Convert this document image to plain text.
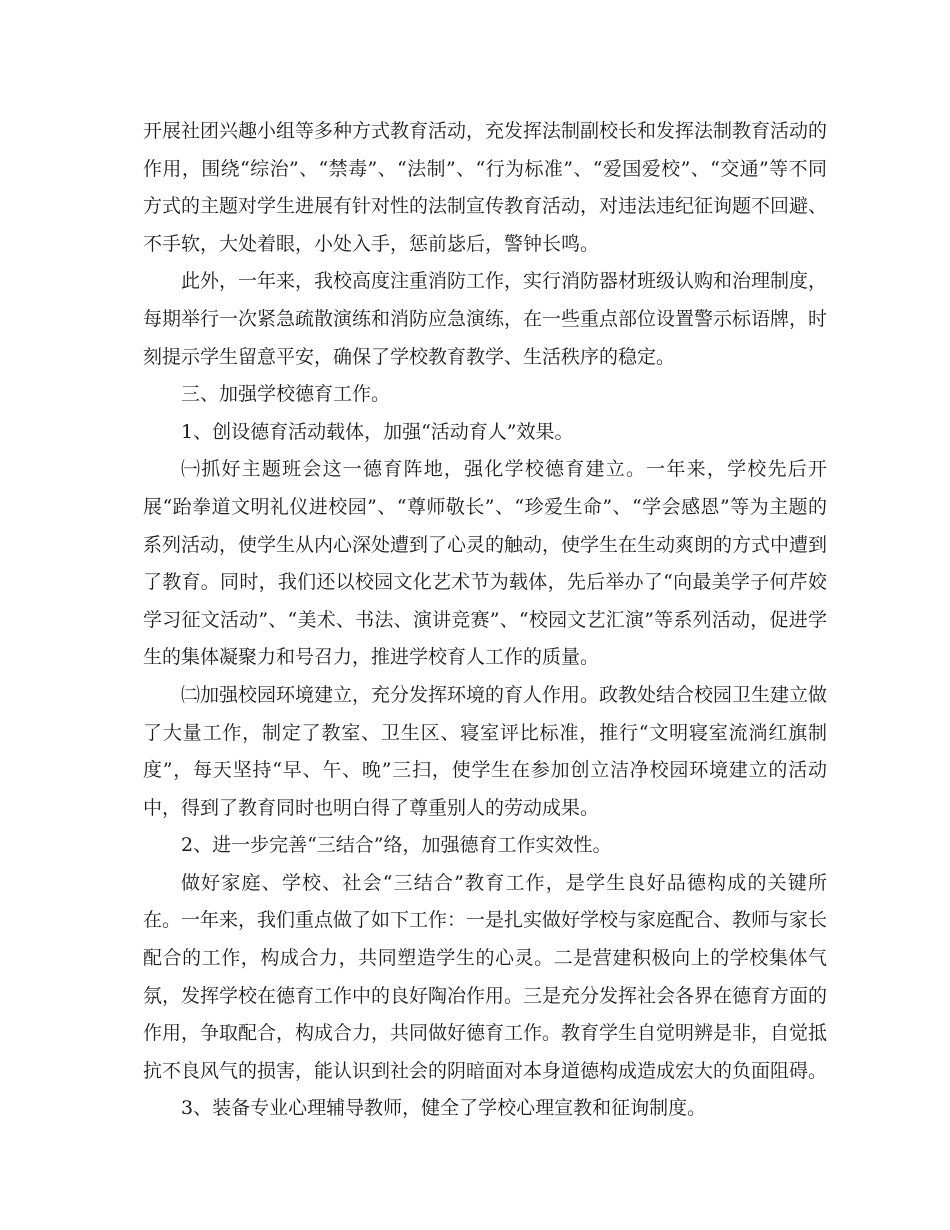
开展社团兴趣小组等多种方式教育活动，充发挥法制副校长和发挥法制教育活动的作用，围绕“综治”、“禁毒”、“法制”、“行为标准”、“爱国爱校”、“交通”等不同方式的主题对学生进展有针对性的法制宣传教育活动，对违法违纪征询题不回避、不手软，大处着眼，小处入手，惩前毖后，警钟长鸣。

此外，一年来，我校高度注重消防工作，实行消防器材班级认购和治理制度，每期举行一次紧急疏散演练和消防应急演练，在一些重点部位设置警示标语牌，时刻提示学生留意平安，确保了学校教育教学、生活秩序的稳定。

三、加强学校德育工作。

1、创设德育活动载体，加强“活动育人”效果。

㈠抓好主题班会这一德育阵地，强化学校德育建立。一年来，学校先后开展“跆拳道文明礼仪进校园”、“尊师敬长”、“珍爱生命”、“学会感恩”等为主题的系列活动，使学生从内心深处遭到了心灵的触动，使学生在生动爽朗的方式中遭到了教育。同时，我们还以校园文化艺术节为载体，先后举办了“向最美学子何芹姣学习征文活动”、“美术、书法、演讲竞赛”、“校园文艺汇演”等系列活动，促进学生的集体凝聚力和号召力，推进学校育人工作的质量。

㈡加强校园环境建立，充分发挥环境的育人作用。政教处结合校园卫生建立做了大量工作，制定了教室、卫生区、寝室评比标准，推行“文明寝室流淌红旗制度”，每天坚持“早、午、晚”三扫，使学生在参加创立洁净校园环境建立的活动中，得到了教育同时也明白得了尊重别人的劳动成果。

2、进一步完善“三结合”络，加强德育工作实效性。

做好家庭、学校、社会“三结合”教育工作，是学生良好品德构成的关键所在。一年来，我们重点做了如下工作：一是扎实做好学校与家庭配合、教师与家长配合的工作，构成合力，共同塑造学生的心灵。二是营建积极向上的学校集体气氛，发挥学校在德育工作中的良好陶冶作用。三是充分发挥社会各界在德育方面的作用，争取配合，构成合力，共同做好德育工作。教育学生自觉明辨是非，自觉抵抗不良风气的损害，能认识到社会的阴暗面对本身道德构成造成宏大的负面阻碍。

3、装备专业心理辅导教师，健全了学校心理宣教和征询制度。
